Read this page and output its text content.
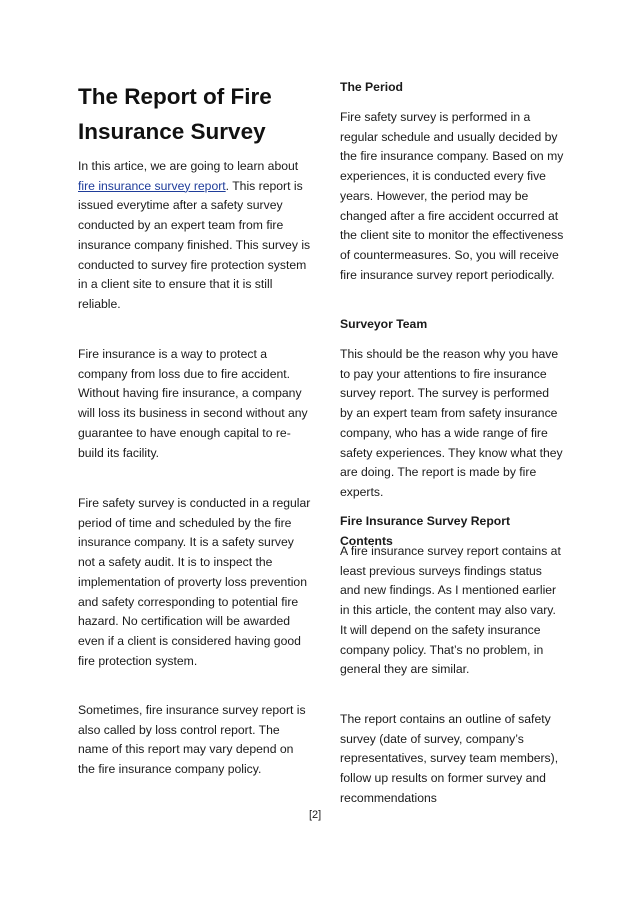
The Report of Fire Insurance Survey

In this artice, we are going to learn about fire insurance survey report. This report is issued everytime after a safety survey conducted by an expert team from fire insurance company finished. This survey is conducted to survey fire protection system in a client site to ensure that it is still reliable.

Fire insurance is a way to protect a company from loss due to fire accident. Without having fire insurance, a company will loss its business in second without any guarantee to have enough capital to re-build its facility.

Fire safety survey is conducted in a regular period of time and scheduled by the fire insurance company. It is a safety survey not a safety audit. It is to inspect the implementation of proverty loss prevention and safety corresponding to potential fire hazard. No certification will be awarded even if a client is considered having good fire protection system.

Sometimes, fire insurance survey report is also called by loss control report. The name of this report may vary depend on the fire insurance company policy.

The Period

Fire safety survey is performed in a regular schedule and usually decided by the fire insurance company. Based on my experiences, it is conducted every five years. However, the period may be changed after a fire accident occurred at the client site to monitor the effectiveness of countermeasures. So, you will receive fire insurance survey report periodically.

Surveyor Team

This should be the reason why you have to pay your attentions to fire insurance survey report. The survey is performed by an expert team from safety insurance company, who has a wide range of fire safety experiences. They know what they are doing. The report is made by fire experts.

Fire Insurance Survey Report Contents

A fire insurance survey report contains at least previous surveys findings status and new findings. As I mentioned earlier in this article, the content may also vary. It will depend on the safety insurance company policy. That’s no problem, in general they are similar.

The report contains an outline of safety survey (date of survey, company’s representatives, survey team members), follow up results on former survey and recommendations

[2]
